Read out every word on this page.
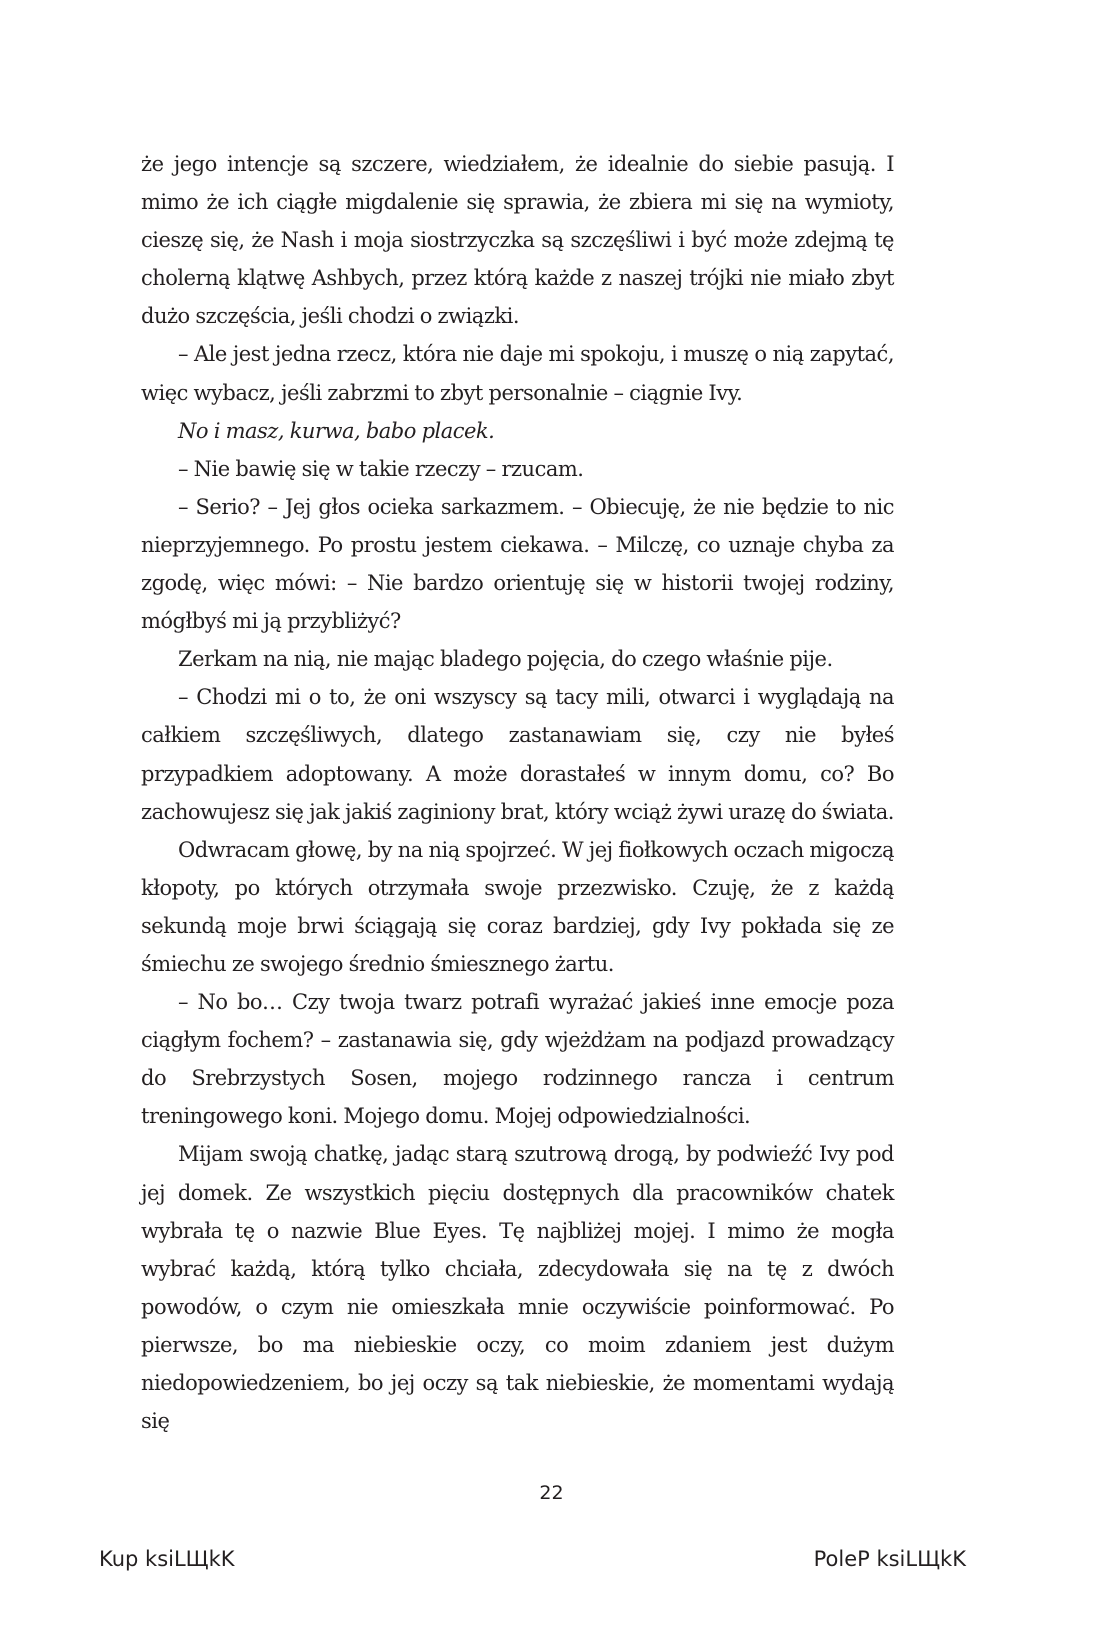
że jego intencje są szczere, wiedziałem, że idealnie do siebie pasują. I mimo że ich ciągłe migdalenie się sprawia, że zbiera mi się na wymioty, cieszę się, że Nash i moja siostrzyczka są szczęśliwi i być może zdejmą tę cholerną klątwę Ashbych, przez którą każde z naszej trójki nie miało zbyt dużo szczęścia, jeśli chodzi o związki.

– Ale jest jedna rzecz, która nie daje mi spokoju, i muszę o nią zapytać, więc wybacz, jeśli zabrzmi to zbyt personalnie – ciągnie Ivy.

No i masz, kurwa, babo placek.

– Nie bawię się w takie rzeczy – rzucam.

– Serio? – Jej głos ocieka sarkazmem. – Obiecuję, że nie będzie to nic nieprzyjemnego. Po prostu jestem ciekawa. – Milczę, co uznaje chyba za zgodę, więc mówi: – Nie bardzo orientuję się w historii twojej rodziny, mógłbyś mi ją przybliżyć?

Zerkam na nią, nie mając bladego pojęcia, do czego właśnie pije.

– Chodzi mi o to, że oni wszyscy są tacy mili, otwarci i wyglądają na całkiem szczęśliwych, dlatego zastanawiam się, czy nie byłeś przypadkiem adoptowany. A może dorastałeś w innym domu, co? Bo zachowujesz się jak jakiś zaginiony brat, który wciąż żywi urazę do świata.

Odwracam głowę, by na nią spojrzeć. W jej fiołkowych oczach migoczą kłopoty, po których otrzymała swoje przezwisko. Czuję, że z każdą sekundą moje brwi ściągają się coraz bardziej, gdy Ivy pokłada się ze śmiechu ze swojego średnio śmiesznego żartu.

– No bo… Czy twoja twarz potrafi wyrażać jakieś inne emocje poza ciągłym fochem? – zastanawia się, gdy wjeżdżam na podjazd prowadzący do Srebrzystych Sosen, mojego rodzinnego rancza i centrum treningowego koni. Mojego domu. Mojej odpowiedzialności.

Mijam swoją chatkę, jadąc starą szutrową drogą, by podwieźć Ivy pod jej domek. Ze wszystkich pięciu dostępnych dla pracowników chatek wybrała tę o nazwie Blue Eyes. Tę najbliżej mojej. I mimo że mogła wybrać każdą, którą tylko chciała, zdecydowała się na tę z dwóch powodów, o czym nie omieszkała mnie oczywiście poinformować. Po pierwsze, bo ma niebieskie oczy, co moim zdaniem jest dużym niedopowiedzeniem, bo jej oczy są tak niebieskie, że momentami wydają się

22
Kup ksiLЩkK	PoleP ksiLЩkK
